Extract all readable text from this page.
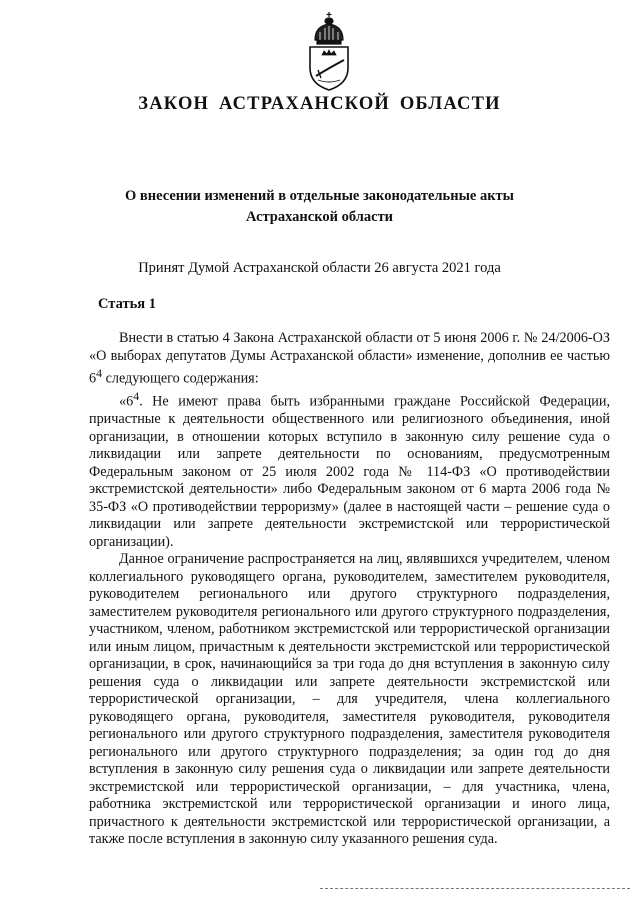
ЗАКОН АСТРАХАНСКОЙ ОБЛАСТИ
О внесении изменений в отдельные законодательные акты
Астраханской области
Принят Думой Астраханской области 26 августа 2021 года
Статья 1

Внести в статью 4 Закона Астраханской области от 5 июня 2006 г. № 24/2006-ОЗ «О выборах депутатов Думы Астраханской области» изменение, дополнив ее частью $6^4$ следующего содержания:

«$6^4$. Не имеют права быть избранными граждане Российской Федерации, причастные к деятельности общественного или религиозного объединения, иной организации, в отношении которых вступило в законную силу решение суда о ликвидации или запрете деятельности по основаниям, предусмотренным Федеральным законом от 25 июля 2002 года № 114-ФЗ «О противодействии экстремистской деятельности» либо Федеральным законом от 6 марта 2006 года № 35-ФЗ «О противодействии терроризму» (далее в настоящей части – решение суда о ликвидации или запрете деятельности экстремистской или террористической организации).

Данное ограничение распространяется на лиц, являвшихся учредителем, членом коллегиального руководящего органа, руководителем, заместителем руководителя, руководителем регионального или другого структурного подразделения, заместителем руководителя регионального или другого структурного подразделения, участником, членом, работником экстремистской или террористической организации или иным лицом, причастным к деятельности экстремистской или террористической организации, в срок, начинающийся за три года до дня вступления в законную силу решения суда о ликвидации или запрете деятельности экстремистской или террористической организации, – для учредителя, члена коллегиального руководящего органа, руководителя, заместителя руководителя, руководителя регионального или другого структурного подразделения, заместителя руководителя регионального или другого структурного подразделения; за один год до дня вступления в законную силу решения суда о ликвидации или запрете деятельности экстремистской или террористической организации, – для участника, члена, работника экстремистской или террористической организации и иного лица, причастного к деятельности экстремистской или террористической организации, а также после вступления в законную силу указанного решения суда.
